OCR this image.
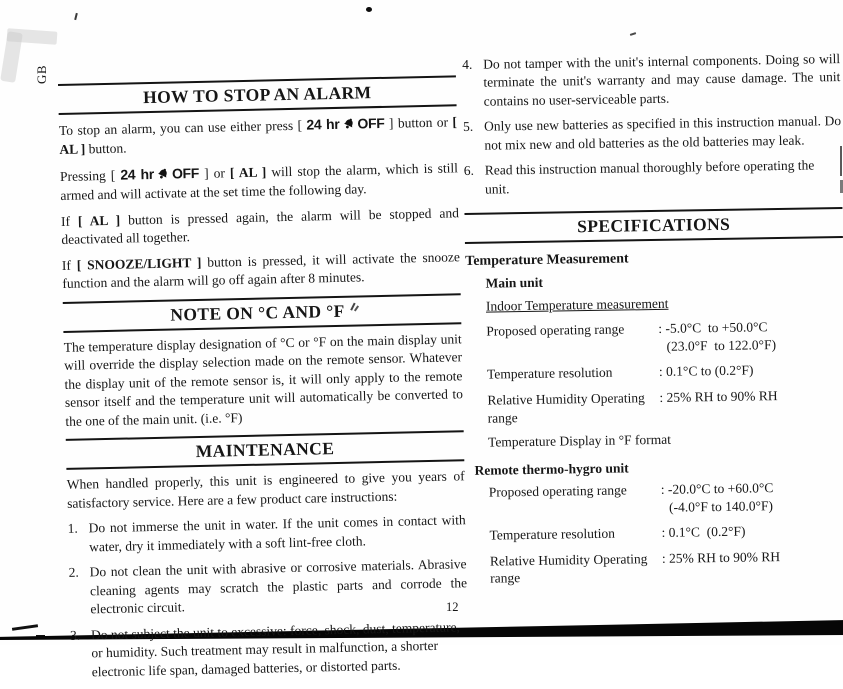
GB
12
HOW TO STOP AN ALARM

To stop an alarm, you can use either press [ 24 hr OFF ] button or [ AL ] button.

Pressing [ 24 hr OFF ] or [ AL ] will stop the alarm, which is still armed and will activate at the set time the following day.

If [ AL ] button is pressed again, the alarm will be stopped and deactivated all together.

If [ SNOOZE/LIGHT ] button is pressed, it will activate the snooze function and the alarm will go off again after 8 minutes.

NOTE ON °C AND °F

The temperature display designation of °C or °F on the main display unit will override the display selection made on the remote sensor. Whatever the display unit of the remote sensor is, it will only apply to the remote sensor itself and the temperature unit will automatically be converted to the one of the main unit. (i.e. °F)

MAINTENANCE

When handled properly, this unit is engineered to give you years of satisfactory service. Here are a few product care instructions:

1. Do not immerse the unit in water. If the unit comes in contact with water, dry it immediately with a soft lint-free cloth.
2. Do not clean the unit with abrasive or corrosive materials. Abrasive cleaning agents may scratch the plastic parts and corrode the electronic circuit.
3. Do not subject the unit to excessive: force, shock, dust, temperature, or humidity. Such treatment may result in malfunction, a shorter electronic life span, damaged batteries, or distorted parts.
4. Do not tamper with the unit's internal components. Doing so will terminate the unit's warranty and may cause damage. The unit contains no user-serviceable parts.
5. Only use new batteries as specified in this instruction manual. Do not mix new and old batteries as the old batteries may leak.
6. Read this instruction manual thoroughly before operating the unit.
SPECIFICATIONS
Temperature Measurement
Main unit
Indoor Temperature measurement
Proposed operating range	: -5.0°C  to +50.0°C
(23.0°F  to 122.0°F)
Temperature resolution	: 0.1°C to (0.2°F)
Relative Humidity Operating range
: 25% RH to 90% RH
Temperature Display in °F format
Remote thermo-hygro unit
Proposed operating range	: -20.0°C to +60.0°C
(-4.0°F to 140.0°F)
Temperature resolution	: 0.1°C  (0.2°F)
Relative Humidity Operating range
: 25% RH to 90% RH
